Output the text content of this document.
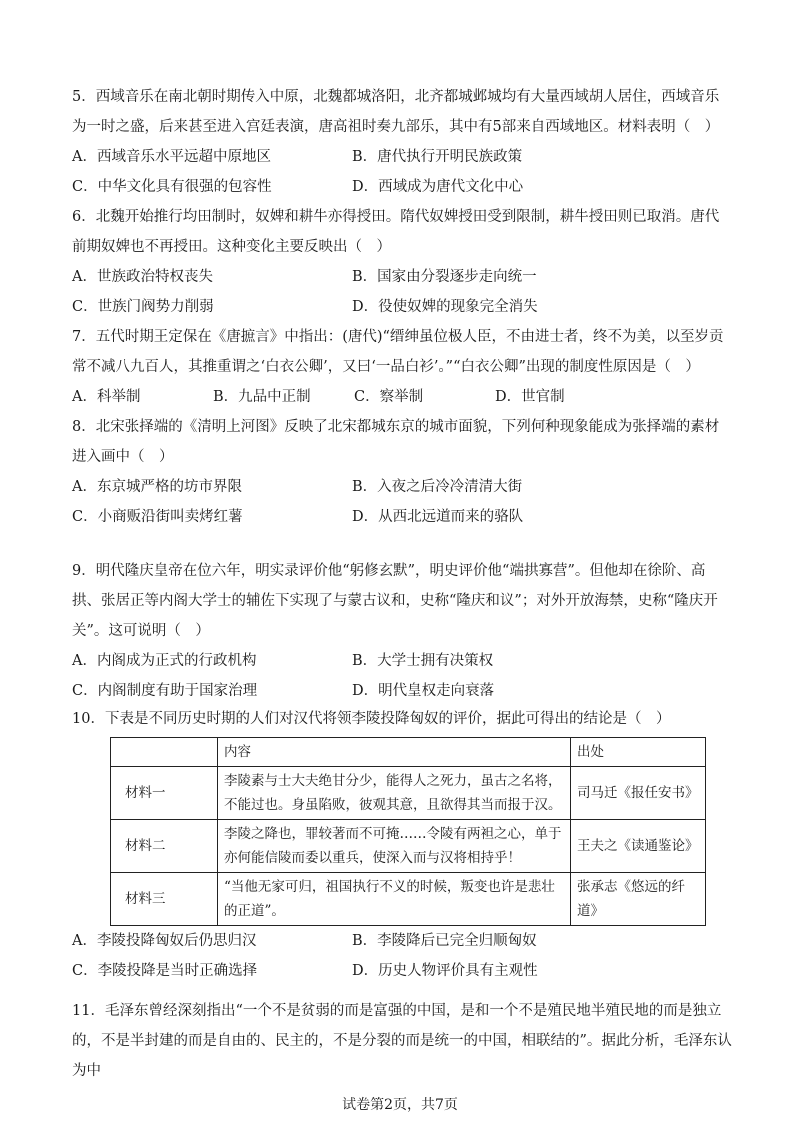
5．西域音乐在南北朝时期传入中原，北魏都城洛阳，北齐都城邺城均有大量西域胡人居住，西域音乐为一时之盛，后来甚至进入宫廷表演，唐高祖时奏九部乐，其中有5部来自西域地区。材料表明（　）

A．西域音乐水平远超中原地区	B．唐代执行开明民族政策
C．中华文化具有很强的包容性	D．西域成为唐代文化中心

6．北魏开始推行均田制时，奴婢和耕牛亦得授田。隋代奴婢授田受到限制，耕牛授田则已取消。唐代前期奴婢也不再授田。这种变化主要反映出（　）

A．世族政治特权丧失	B．国家由分裂逐步走向统一
C．世族门阀势力削弱	D．役使奴婢的现象完全消失

7．五代时期王定保在《唐摭言》中指出：(唐代)“缙绅虽位极人臣，不由进士者，终不为美，以至岁贡常不减八九百人，其推重谓之‘白衣公卿’，又曰‘一品白衫’。”“白衣公卿”出现的制度性原因是（　）

A．科举制	B．九品中正制	C．察举制	D．世官制

8．北宋张择端的《清明上河图》反映了北宋都城东京的城市面貌，下列何种现象能成为张择端的素材进入画中（　）

A．东京城严格的坊市界限	B．入夜之后冷冷清清大街
C．小商贩沿街叫卖烤红薯	D．从西北远道而来的骆队

9．明代隆庆皇帝在位六年，明实录评价他“躬修玄默”，明史评价他“端拱寡营”。但他却在徐阶、高拱、张居正等内阁大学士的辅佐下实现了与蒙古议和，史称“隆庆和议”；对外开放海禁，史称“隆庆开关”。这可说明（　）

A．内阁成为正式的行政机构	B．大学士拥有决策权
C．内阁制度有助于国家治理	D．明代皇权走向衰落

10．下表是不同历史时期的人们对汉代将领李陵投降匈奴的评价，据此可得出的结论是（　）

	内容	出处
材料一	李陵素与士大夫绝甘分少，能得人之死力，虽古之名将，不能过也。身虽陷败，彼观其意，且欲得其当而报于汉。	司马迁《报任安书》
材料二	李陵之降也，罪较著而不可掩……令陵有两袒之心，单于亦何能信陵而委以重兵，使深入而与汉将相持乎！	王夫之《读通鉴论》
材料三	“当他无家可归，祖国执行不义的时候，叛变也许是悲壮的正道”。	张承志《悠远的纤道》
A．李陵投降匈奴后仍思归汉	B．李陵降后已完全归顺匈奴
C．李陵投降是当时正确选择	D．历史人物评价具有主观性

11．毛泽东曾经深刻指出“一个不是贫弱的而是富强的中国，是和一个不是殖民地半殖民地的而是独立的，不是半封建的而是自由的、民主的，不是分裂的而是统一的中国，相联结的”。据此分析，毛泽东认为中

试卷第2页，共7页
